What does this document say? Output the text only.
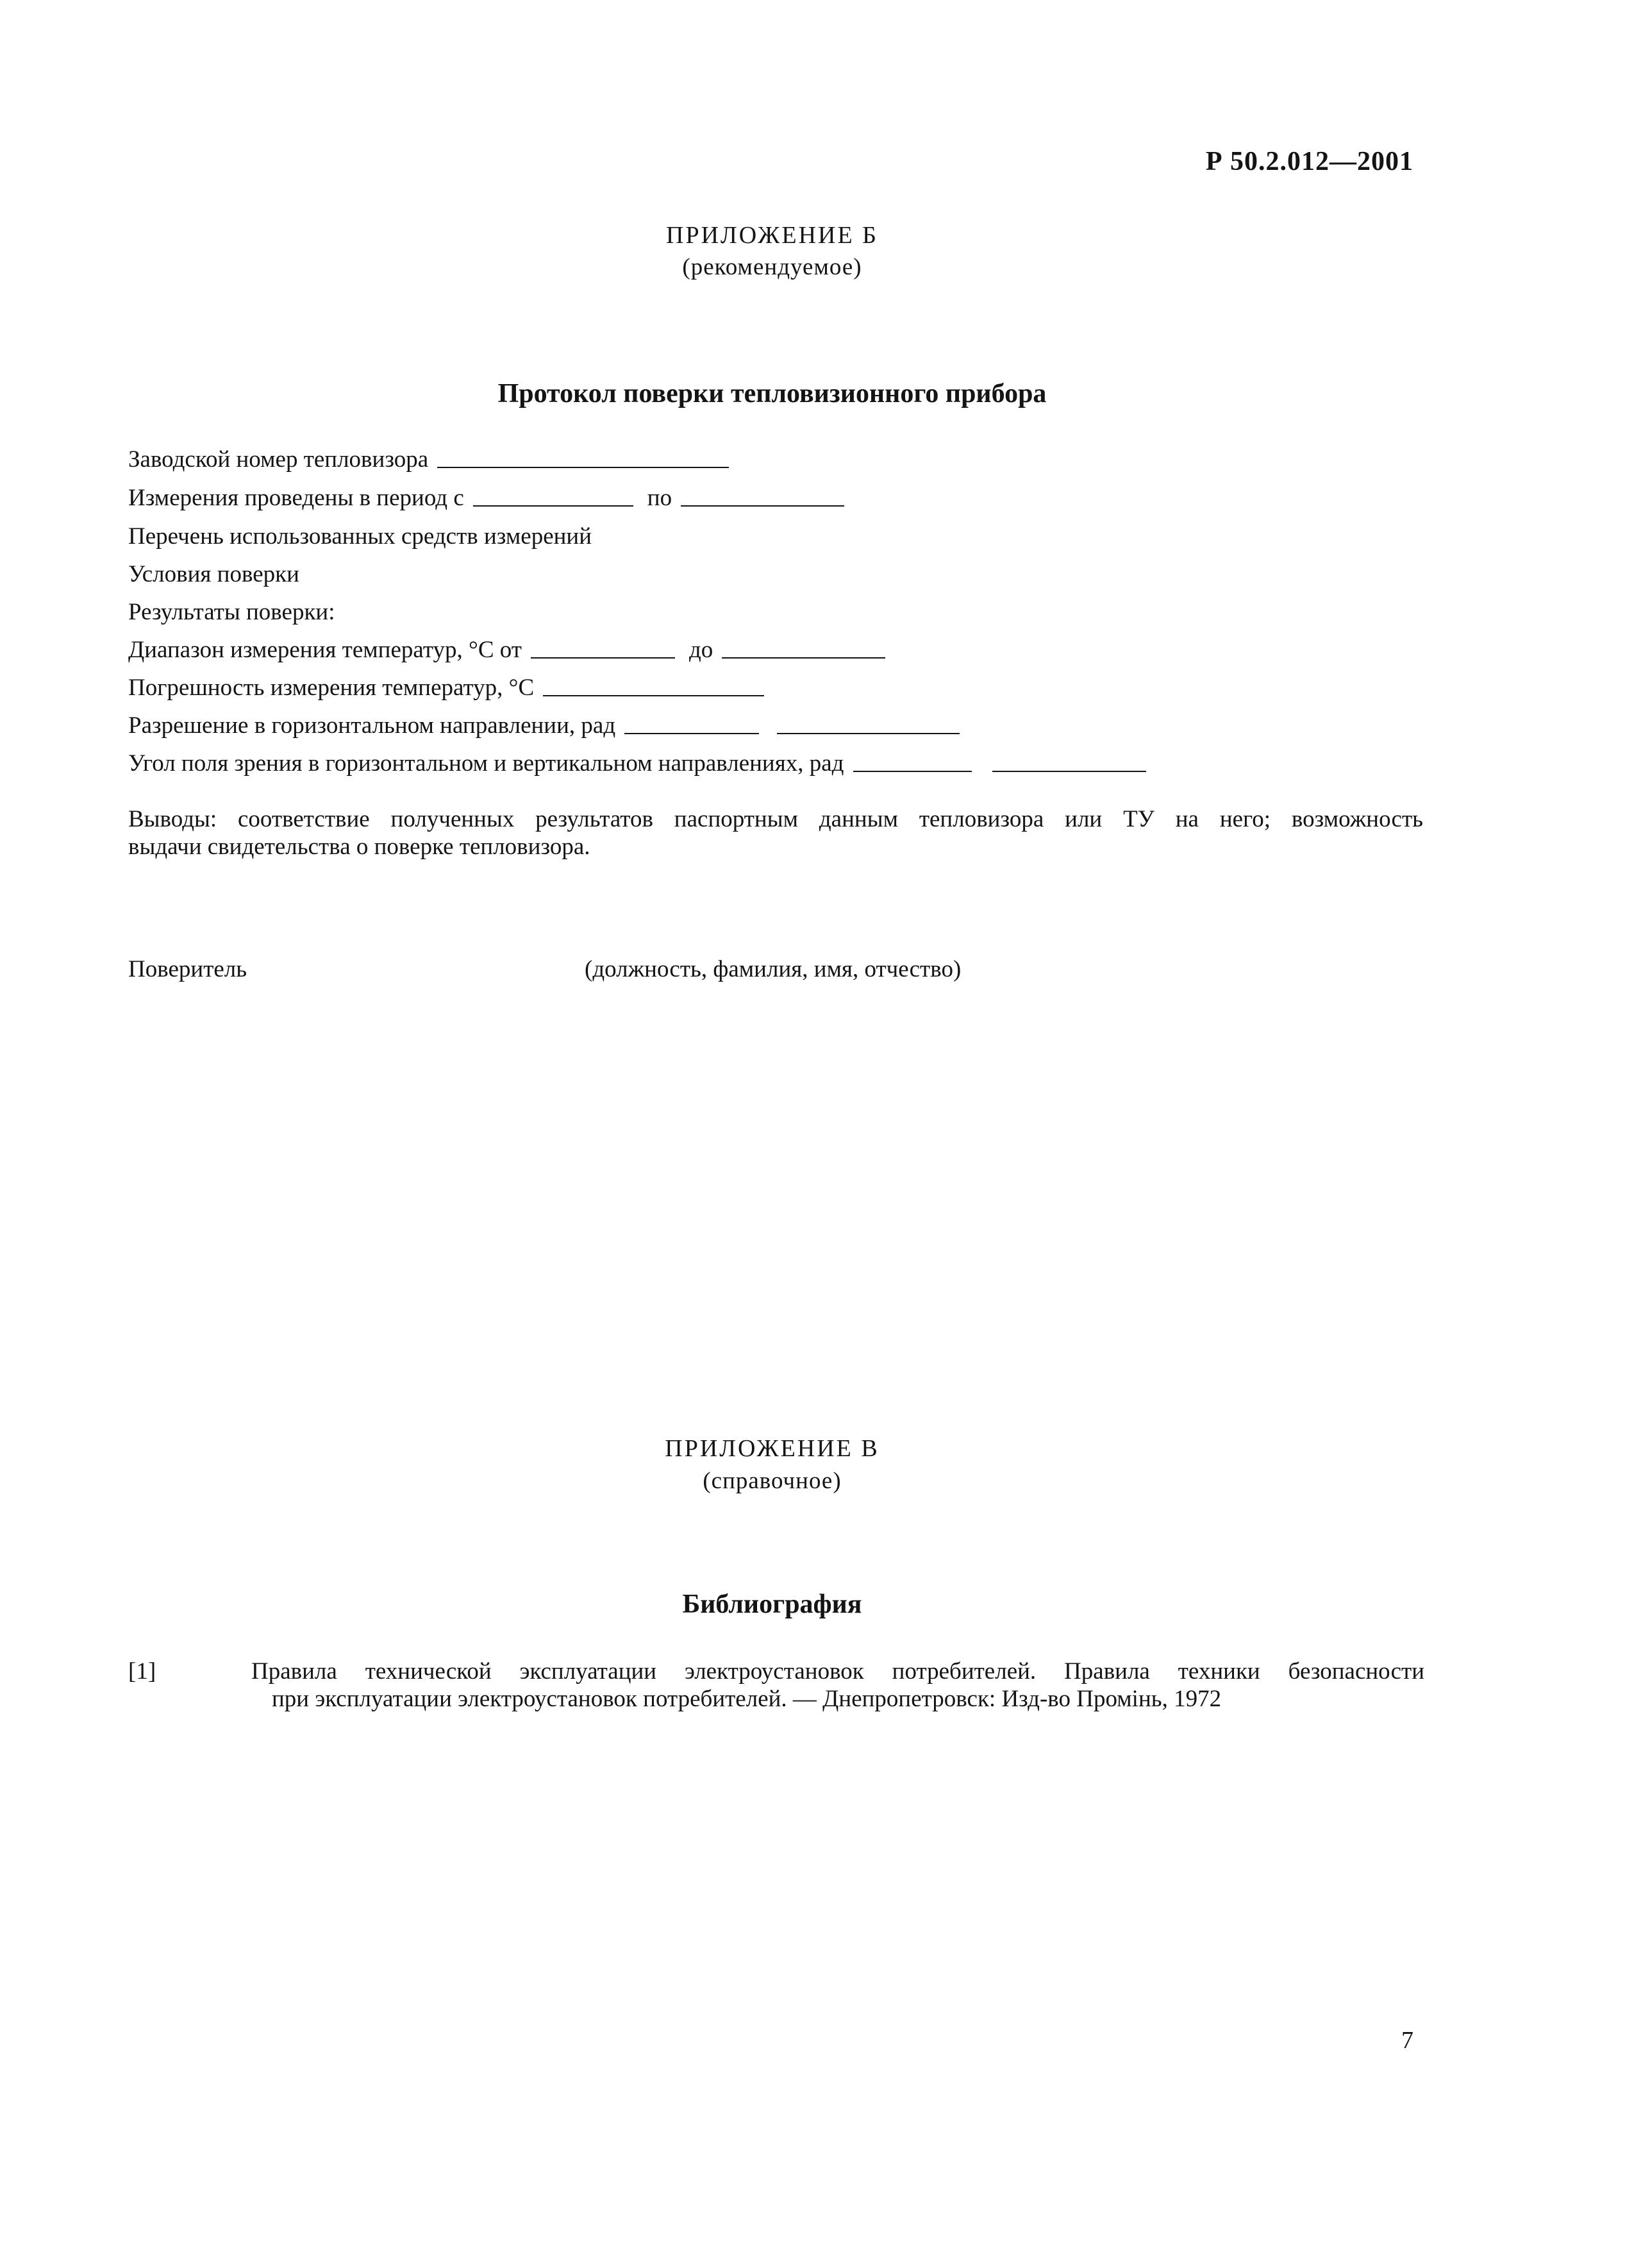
Р 50.2.012—2001
ПРИЛОЖЕНИЕ Б
(рекомендуемое)
Протокол поверки тепловизионного прибора
Заводской номер тепловизора
Измерения проведены в период с	по
Перечень использованных средств измерений
Условия поверки
Результаты поверки:
Диапазон измерения температур, °С от	до
Погрешность измерения температур, °С
Разрешение в горизонтальном направлении, рад
Угол поля зрения в горизонтальном и вертикальном направлениях, рад
Выводы: соответствие полученных результатов паспортным данным тепловизора или ТУ на него; возможность
выдачи свидетельства о поверке тепловизора.
Поверитель	(должность, фамилия, имя, отчество)
ПРИЛОЖЕНИЕ В
(справочное)
Библиография
[1]	Правила технической эксплуатации электроустановок потребителей. Правила техники безопасности
при эксплуатации электроустановок потребителей. — Днепропетровск: Изд-во Промінь, 1972
7
